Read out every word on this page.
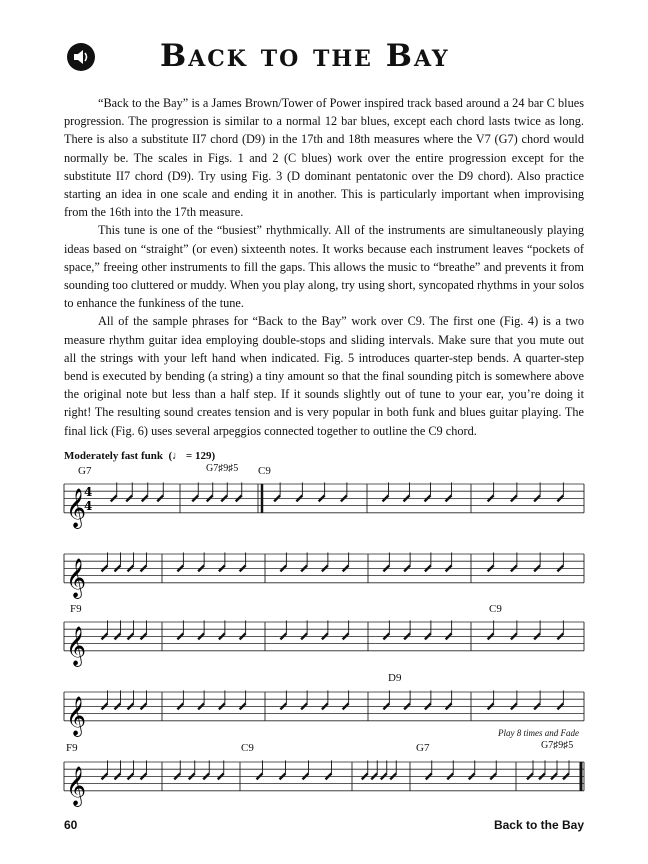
Back to the Bay

“Back to the Bay” is a James Brown/Tower of Power inspired track based around a 24 bar C blues progression. The progression is similar to a normal 12 bar blues, except each chord lasts twice as long. There is also a substitute II7 chord (D9) in the 17th and 18th measures where the V7 (G7) chord would normally be. The scales in Figs. 1 and 2 (C blues) work over the entire progression except for the substitute II7 chord (D9). Try using Fig. 3 (D dominant pentatonic over the D9 chord). Also practice starting an idea in one scale and ending it in another. This is particularly important when improvising from the 16th into the 17th measure.

This tune is one of the “busiest” rhythmically. All of the instruments are simultaneously playing ideas based on “straight” (or even) sixteenth notes. It works because each instrument leaves “pockets of space,” freeing other instruments to fill the gaps. This allows the music to “breathe” and prevents it from sounding too cluttered or muddy. When you play along, try using short, syncopated rhythms in your solos to enhance the funkiness of the tune.

All of the sample phrases for “Back to the Bay” work over C9. The first one (Fig. 4) is a two measure rhythm guitar idea employing double-stops and sliding intervals. Make sure that you mute out all the strings with your left hand when indicated. Fig. 5 introduces quarter-step bends. A quarter-step bend is executed by bending (a string) a tiny amount so that the final sounding pitch is somewhere above the original note but less than a half step. If it sounds slightly out of tune to your ear, you’re doing it right! The resulting sound creates tension and is very popular in both funk and blues guitar playing. The final lick (Fig. 6) uses several arpeggios connected together to outline the C9 chord.

Moderately fast funk (♩ = 129)
G7	G7♯9♯5 C9
F9	C9
D9
F9	C9	G7	G7♯9♯5
Play 8 times and Fade
𝄞
4
4
𝄞
𝄞
𝄞
𝄞
60	Back to the Bay
